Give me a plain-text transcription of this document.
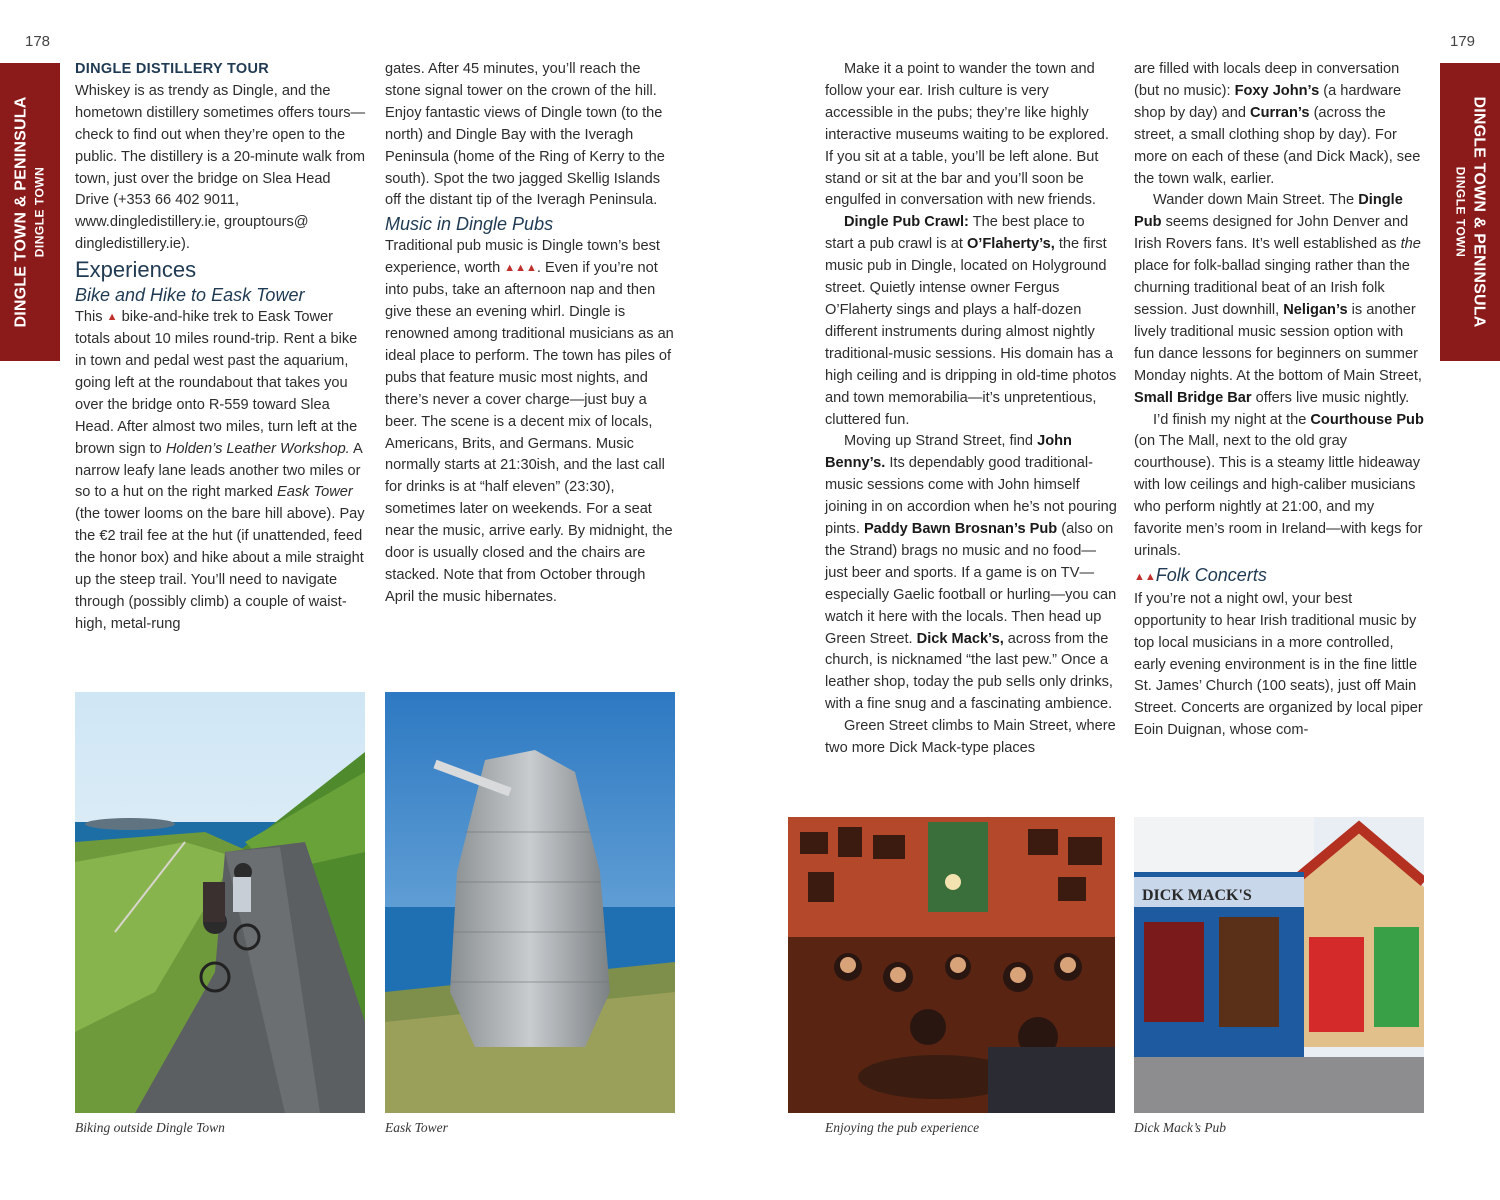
178
DINGLE TOWN & PENINSULA DINGLE TOWN

DINGLE DISTILLERY TOUR

Whiskey is as trendy as Dingle, and the hometown distillery sometimes offers tours—check to find out when they’re open to the public. The distillery is a 20-minute walk from town, just over the bridge on Slea Head Drive (+353 66 402 9011, www.dingledistillery.ie, grouptours@ dingledistillery.ie).

Experiences

Bike and Hike to Eask Tower

This ▲ bike-and-hike trek to Eask Tower totals about 10 miles round-trip. Rent a bike in town and pedal west past the aquarium, going left at the roundabout that takes you over the bridge onto R-559 toward Slea Head. After almost two miles, turn left at the brown sign to Holden’s Leather Workshop. A narrow leafy lane leads another two miles or so to a hut on the right marked Eask Tower (the tower looms on the bare hill above). Pay the €2 trail fee at the hut (if unattended, feed the honor box) and hike about a mile straight up the steep trail. You’ll need to navigate through (possibly climb) a couple of waist-high, metal-rung

gates. After 45 minutes, you’ll reach the stone signal tower on the crown of the hill. Enjoy fantastic views of Dingle town (to the north) and Dingle Bay with the Iveragh Peninsula (home of the Ring of Kerry to the south). Spot the two jagged Skellig Islands off the distant tip of the Iveragh Peninsula.

Music in Dingle Pubs

Traditional pub music is Dingle town’s best experience, worth ▲▲▲. Even if you’re not into pubs, take an afternoon nap and then give these an evening whirl. Dingle is renowned among traditional musicians as an ideal place to perform. The town has piles of pubs that feature music most nights, and there’s never a cover charge—just buy a beer. The scene is a decent mix of locals, Americans, Brits, and Germans. Music normally starts at 21:30ish, and the last call for drinks is at “half eleven” (23:30), sometimes later on weekends. For a seat near the music, arrive early. By midnight, the door is usually closed and the chairs are stacked. Note that from October through April the music hibernates.

Biking outside Dingle Town	Eask Tower
179
DINGLE TOWN & PENINSULA
DINGLE TOWN

Make it a point to wander the town and follow your ear. Irish culture is very accessible in the pubs; they’re like highly interactive museums waiting to be explored. If you sit at a table, you’ll be left alone. But stand or sit at the bar and you’ll soon be engulfed in conversation with new friends.

Dingle Pub Crawl: The best place to start a pub crawl is at O’Flaherty’s, the first music pub in Dingle, located on Holyground street. Quietly intense owner Fergus O’Flaherty sings and plays a half-dozen different instruments during almost nightly traditional-music sessions. His domain has a high ceiling and is dripping in old-time photos and town memorabilia—it’s unpretentious, cluttered fun.

Moving up Strand Street, find John Benny’s. Its dependably good traditional-music sessions come with John himself joining in on accordion when he’s not pouring pints. Paddy Bawn Brosnan’s Pub (also on the Strand) brags no music and no food—just beer and sports. If a game is on TV—especially Gaelic football or hurling—you can watch it here with the locals. Then head up Green Street. Dick Mack’s, across from the church, is nicknamed “the last pew.” Once a leather shop, today the pub sells only drinks, with a fine snug and a fascinating ambience.

Green Street climbs to Main Street, where two more Dick Mack-type places

are filled with locals deep in conversation (but no music): Foxy John’s (a hardware shop by day) and Curran’s (across the street, a small clothing shop by day). For more on each of these (and Dick Mack), see the town walk, earlier.

Wander down Main Street. The Dingle Pub seems designed for John Denver and Irish Rovers fans. It’s well established as the place for folk-ballad singing rather than the churning traditional beat of an Irish folk session. Just downhill, Neligan’s is another lively traditional music session option with fun dance lessons for beginners on summer Monday nights. At the bottom of Main Street, Small Bridge Bar offers live music nightly.

I’d finish my night at the Courthouse Pub (on The Mall, next to the old gray courthouse). This is a steamy little hideaway with low ceilings and high-caliber musicians who perform nightly at 21:00, and my favorite men’s room in Ireland—with kegs for urinals.

▲▲Folk Concerts

If you’re not a night owl, your best opportunity to hear Irish traditional music by top local musicians in a more controlled, early evening environment is in the fine little St. James’ Church (100 seats), just off Main Street. Concerts are organized by local piper Eoin Duignan, whose com-

DICK MACK'S
Enjoying the pub experience	Dick Mack’s Pub
